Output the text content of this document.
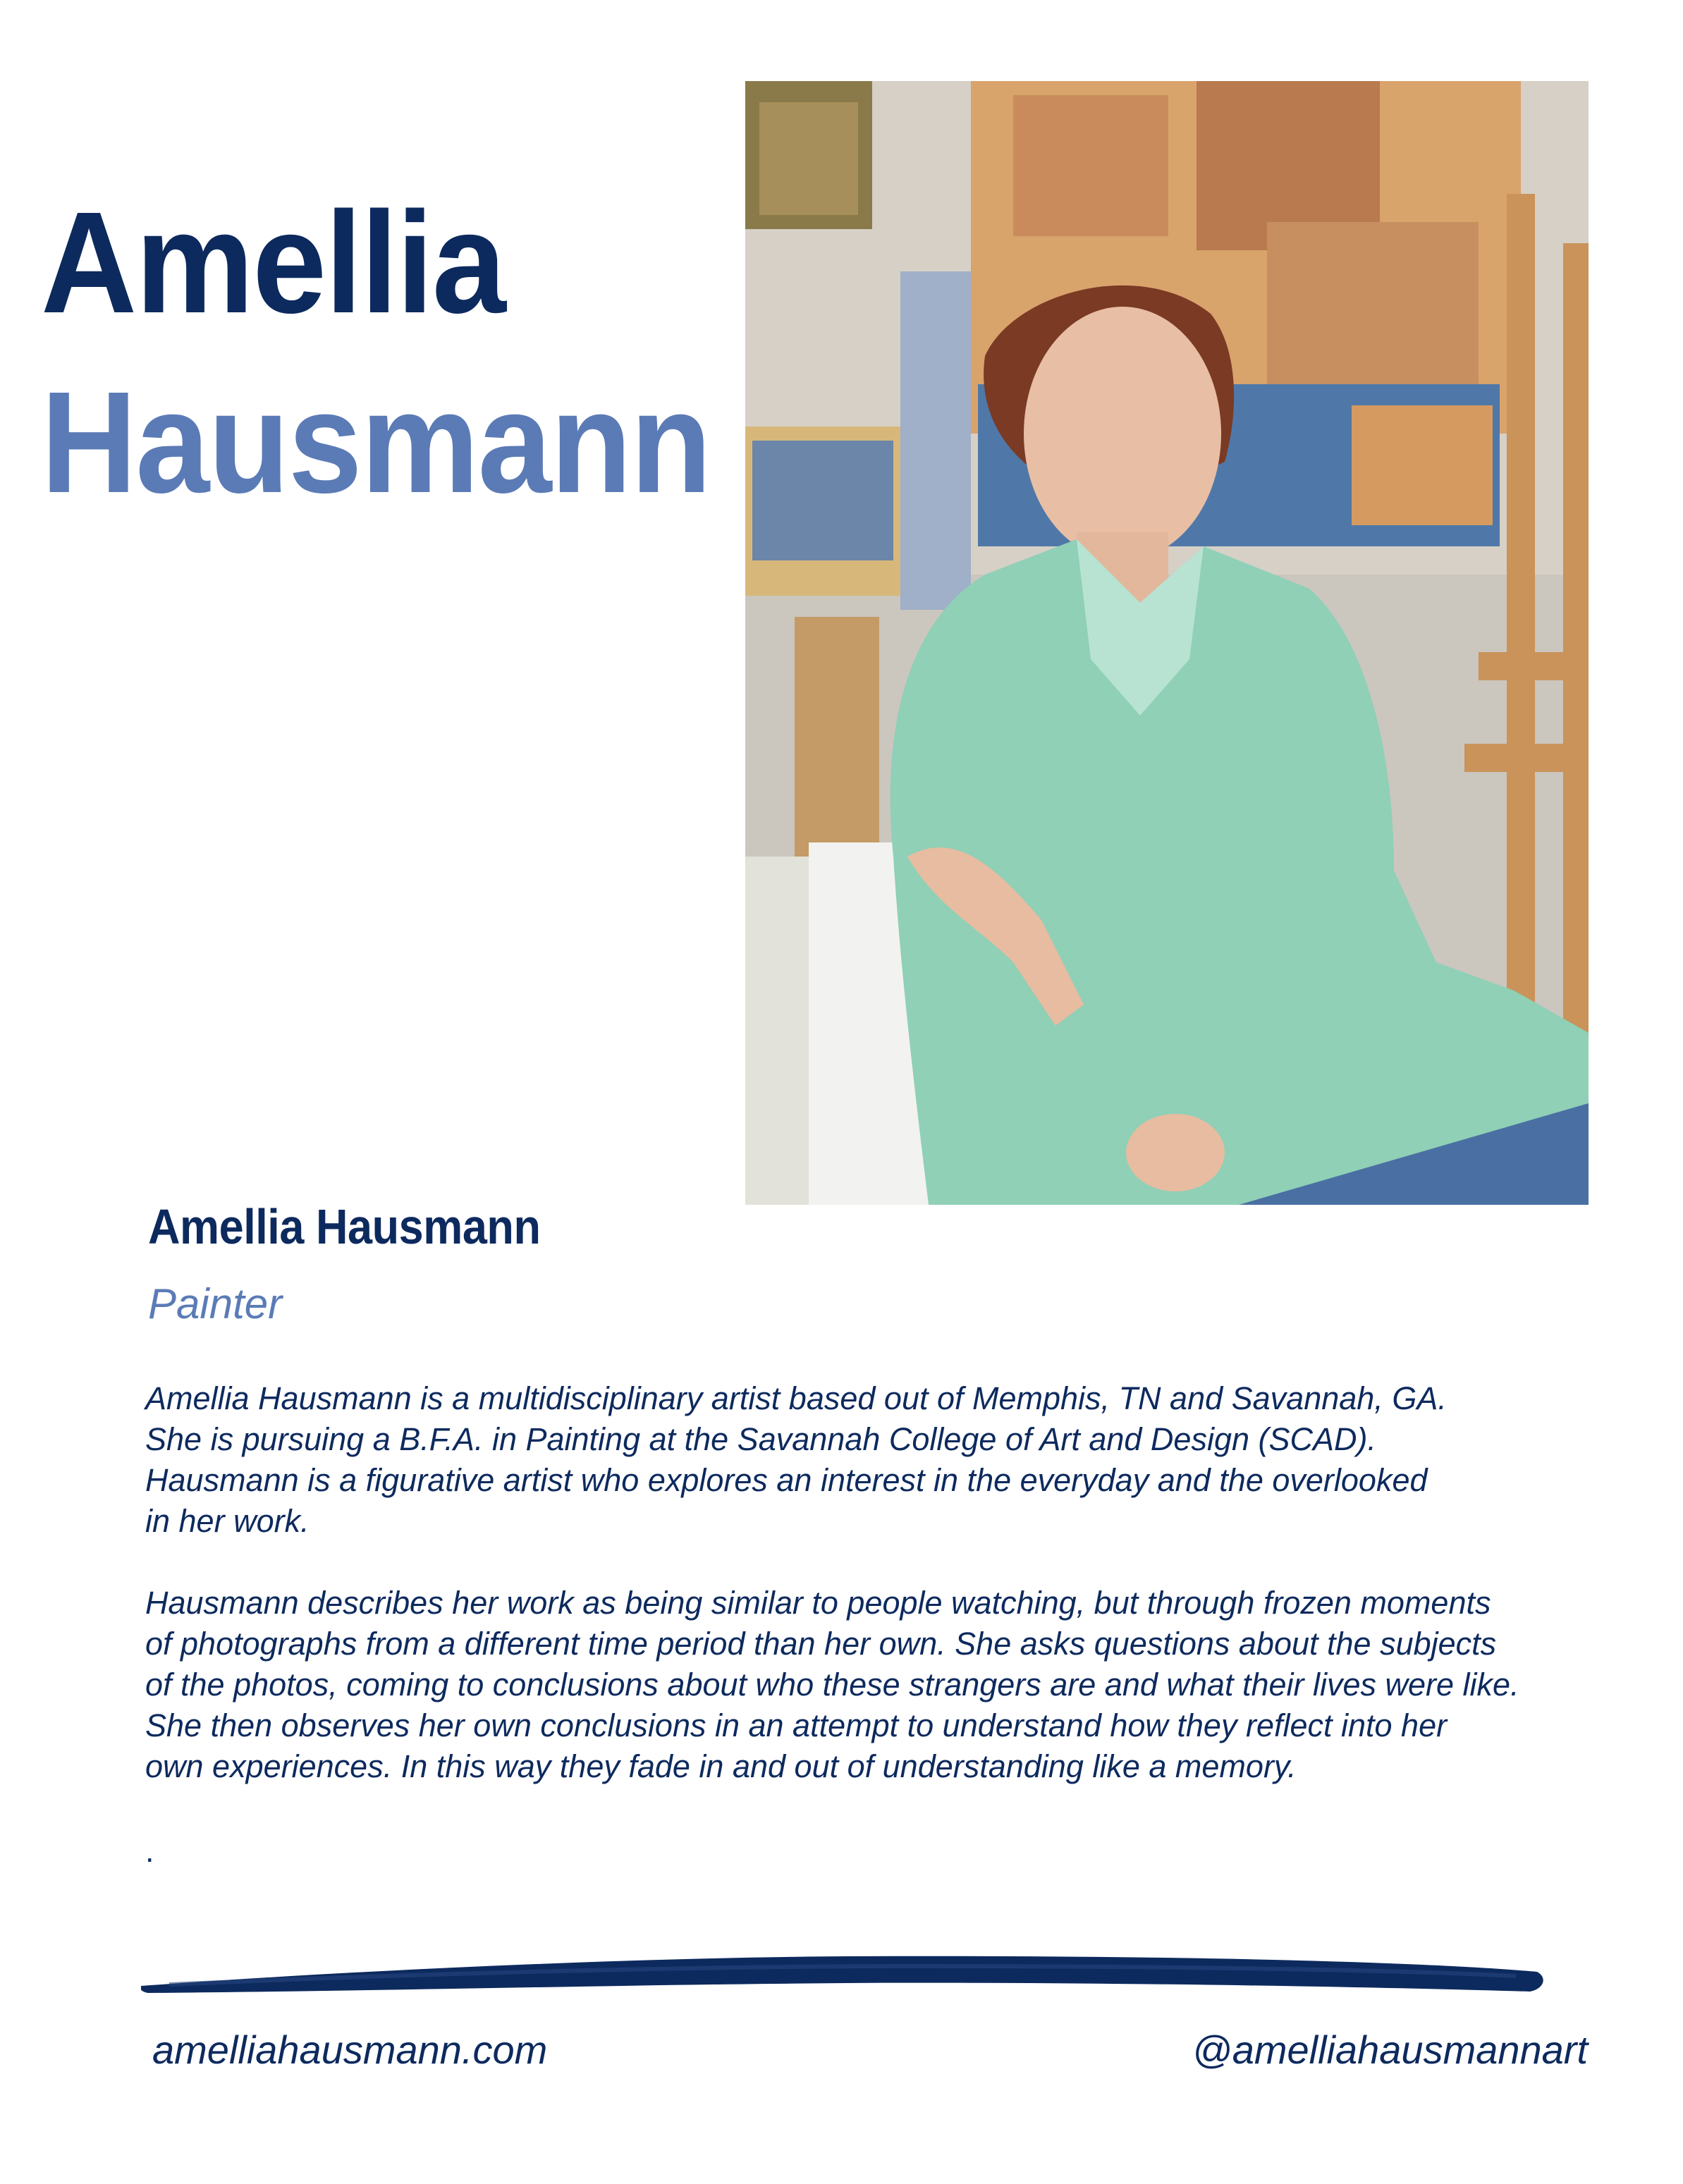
Amellia
Hausmann
Amellia Hausmann
Painter

Amellia Hausmann is a multidisciplinary artist based out of Memphis, TN and Savannah, GA.
She is pursuing a B.F.A. in Painting at the Savannah College of Art and Design (SCAD).
Hausmann is a figurative artist who explores an interest in the everyday and the overlooked
in her work.

Hausmann describes her work as being similar to people watching, but through frozen moments
of photographs from a different time period than her own. She asks questions about the subjects
of the photos, coming to conclusions about who these strangers are and what their lives were like.
She then observes her own conclusions in an attempt to understand how they reflect into her
own experiences. In this way they fade in and out of understanding like a memory.

.
amelliahausmann.com	@amelliahausmannart
